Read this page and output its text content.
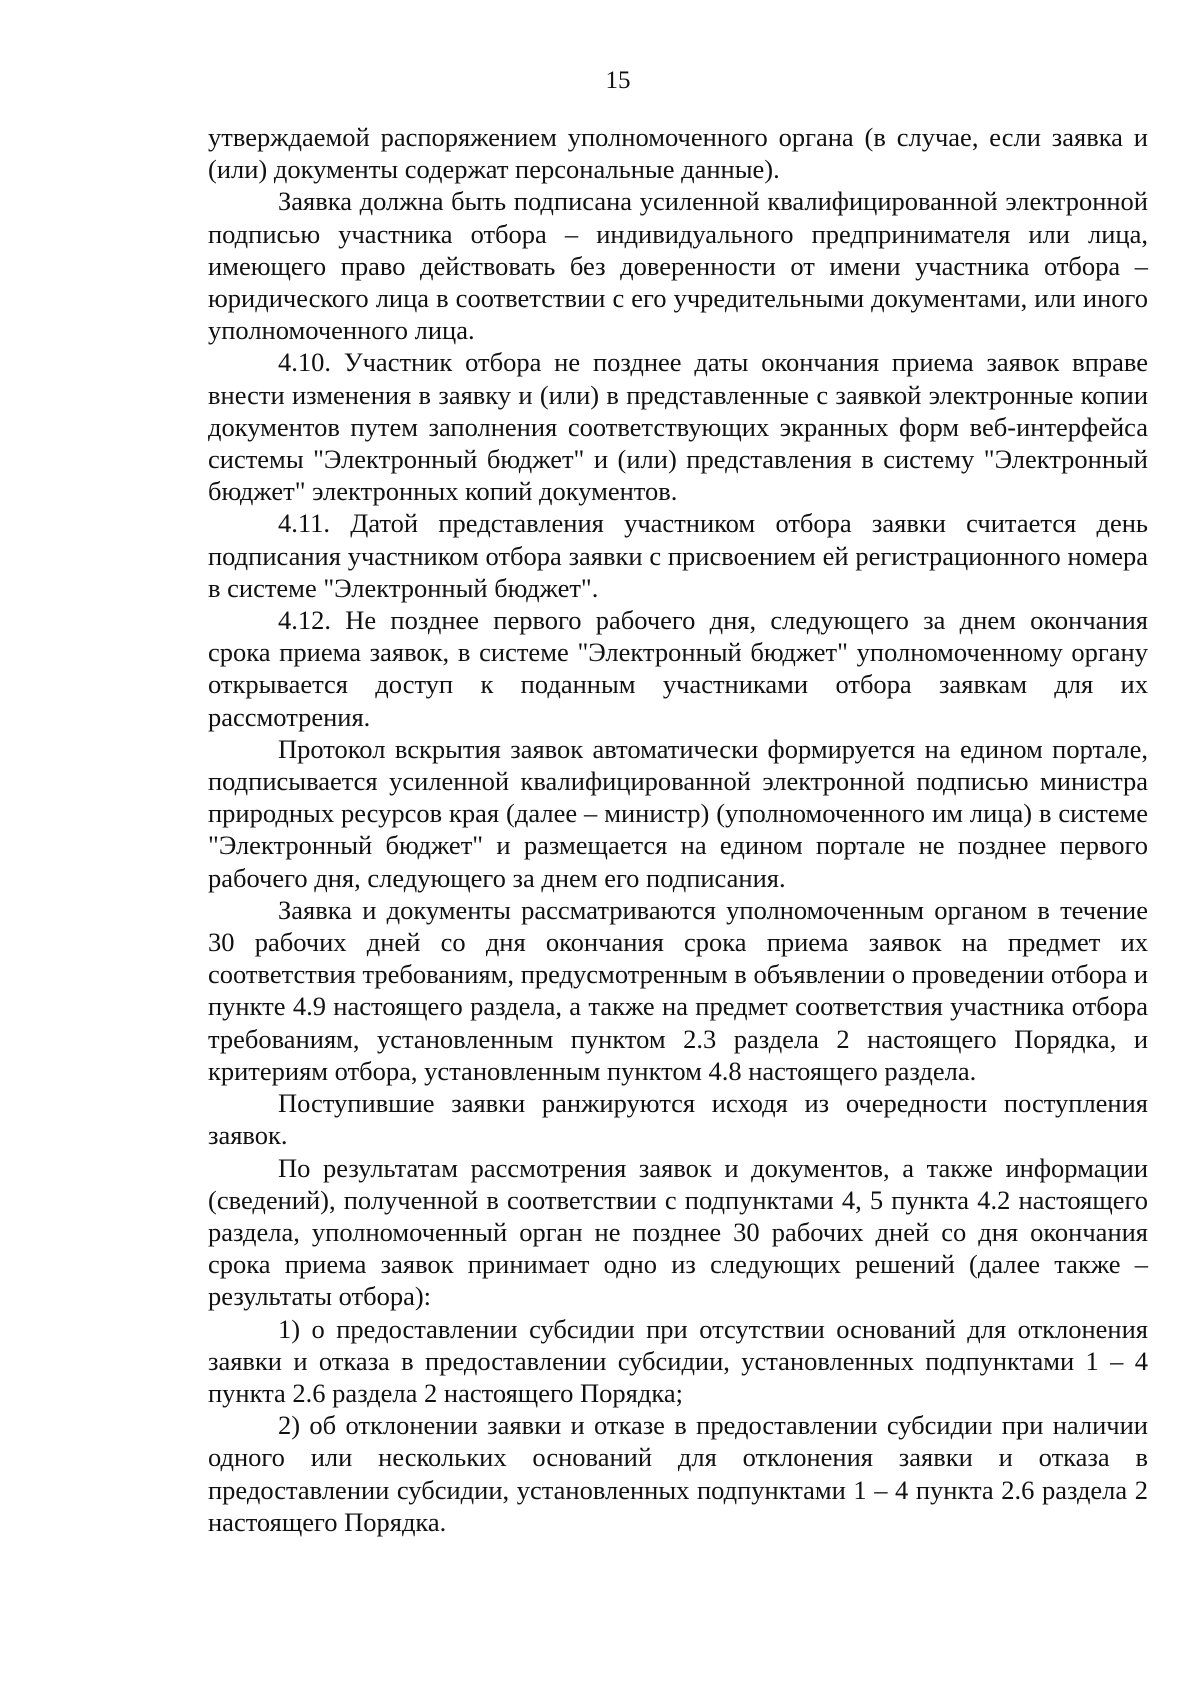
15

утверждаемой распоряжением уполномоченного органа (в случае, если заявка и (или) документы содержат персональные данные).

Заявка должна быть подписана усиленной квалифицированной электронной подписью участника отбора – индивидуального предпринимателя или лица, имеющего право действовать без доверенности от имени участника отбора – юридического лица в соответствии с его учредительными документами, или иного уполномоченного лица.

4.10. Участник отбора не позднее даты окончания приема заявок вправе внести изменения в заявку и (или) в представленные с заявкой электронные копии документов путем заполнения соответствующих экранных форм веб-интерфейса системы "Электронный бюджет" и (или) представления в систему "Электронный бюджет" электронных копий документов.

4.11. Датой представления участником отбора заявки считается день подписания участником отбора заявки с присвоением ей регистрационного номера в системе "Электронный бюджет".

4.12. Не позднее первого рабочего дня, следующего за днем окончания срока приема заявок, в системе "Электронный бюджет" уполномоченному органу открывается доступ к поданным участниками отбора заявкам для их рассмотрения.

Протокол вскрытия заявок автоматически формируется на едином портале, подписывается усиленной квалифицированной электронной подписью министра природных ресурсов края (далее – министр) (уполномоченного им лица) в системе "Электронный бюджет" и размещается на едином портале не позднее первого рабочего дня, следующего за днем его подписания.

Заявка и документы рассматриваются уполномоченным органом в течение 30 рабочих дней со дня окончания срока приема заявок на предмет их соответствия требованиям, предусмотренным в объявлении о проведении отбора и пункте 4.9 настоящего раздела, а также на предмет соответствия участника отбора требованиям, установленным пунктом 2.3 раздела 2 настоящего Порядка, и критериям отбора, установленным пунктом 4.8 настоящего раздела.

Поступившие заявки ранжируются исходя из очередности поступления заявок.

По результатам рассмотрения заявок и документов, а также информации (сведений), полученной в соответствии с подпунктами 4, 5 пункта 4.2 настоящего раздела, уполномоченный орган не позднее 30 рабочих дней со дня окончания срока приема заявок принимает одно из следующих решений (далее также – результаты отбора):

1) о предоставлении субсидии при отсутствии оснований для отклонения заявки и отказа в предоставлении субсидии, установленных подпунктами 1 – 4 пункта 2.6 раздела 2 настоящего Порядка;

2) об отклонении заявки и отказе в предоставлении субсидии при наличии одного или нескольких оснований для отклонения заявки и отказа в предоставлении субсидии, установленных подпунктами 1 – 4 пункта 2.6 раздела 2 настоящего Порядка.
